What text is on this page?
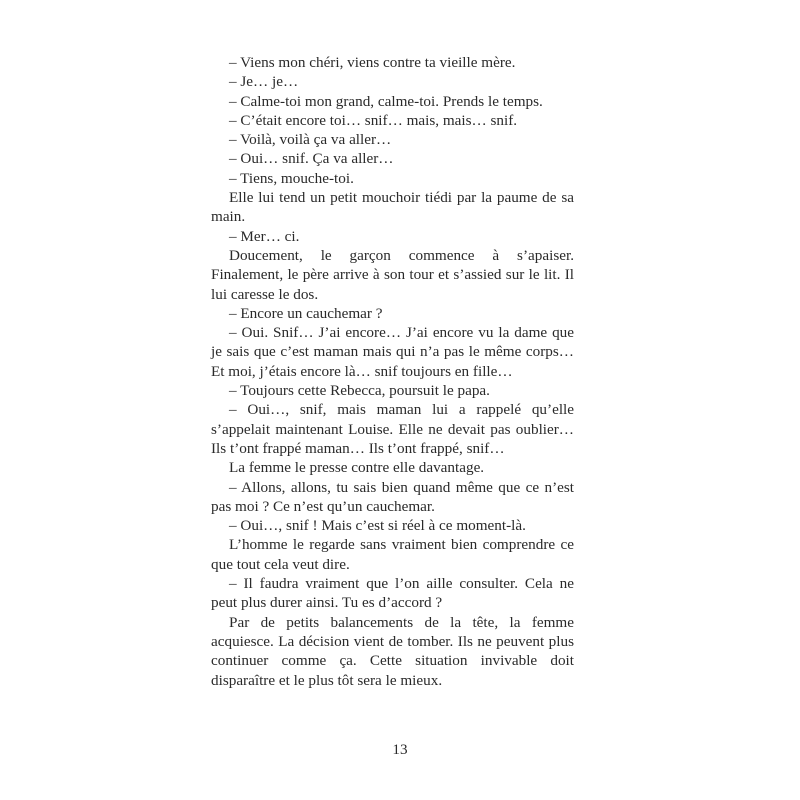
– Viens mon chéri, viens contre ta vieille mère.

– Je… je…

– Calme-toi mon grand, calme-toi. Prends le temps.

– C’était encore toi… snif… mais, mais… snif.

– Voilà, voilà ça va aller…

– Oui… snif. Ça va aller…

– Tiens, mouche-toi.

Elle lui tend un petit mouchoir tiédi par la paume de sa main.

– Mer… ci.

Doucement, le garçon commence à s’apaiser. Finalement, le père arrive à son tour et s’assied sur le lit. Il lui caresse le dos.

– Encore un cauchemar ?

– Oui. Snif… J’ai encore… J’ai encore vu la dame que je sais que c’est maman mais qui n’a pas le même corps… Et moi, j’étais encore là… snif toujours en fille…

– Toujours cette Rebecca, poursuit le papa.

– Oui…, snif, mais maman lui a rappelé qu’elle s’appelait maintenant Louise. Elle ne devait pas oublier… Ils t’ont frappé maman… Ils t’ont frappé, snif…

La femme le presse contre elle davantage.

– Allons, allons, tu sais bien quand même que ce n’est pas moi ? Ce n’est qu’un cauchemar.

– Oui…, snif ! Mais c’est si réel à ce moment-là.

L’homme le regarde sans vraiment bien comprendre ce que tout cela veut dire.

– Il faudra vraiment que l’on aille consulter. Cela ne peut plus durer ainsi. Tu es d’accord ?

Par de petits balancements de la tête, la femme acquiesce. La décision vient de tomber. Ils ne peuvent plus continuer comme ça. Cette situation invivable doit disparaître et le plus tôt sera le mieux.

13
